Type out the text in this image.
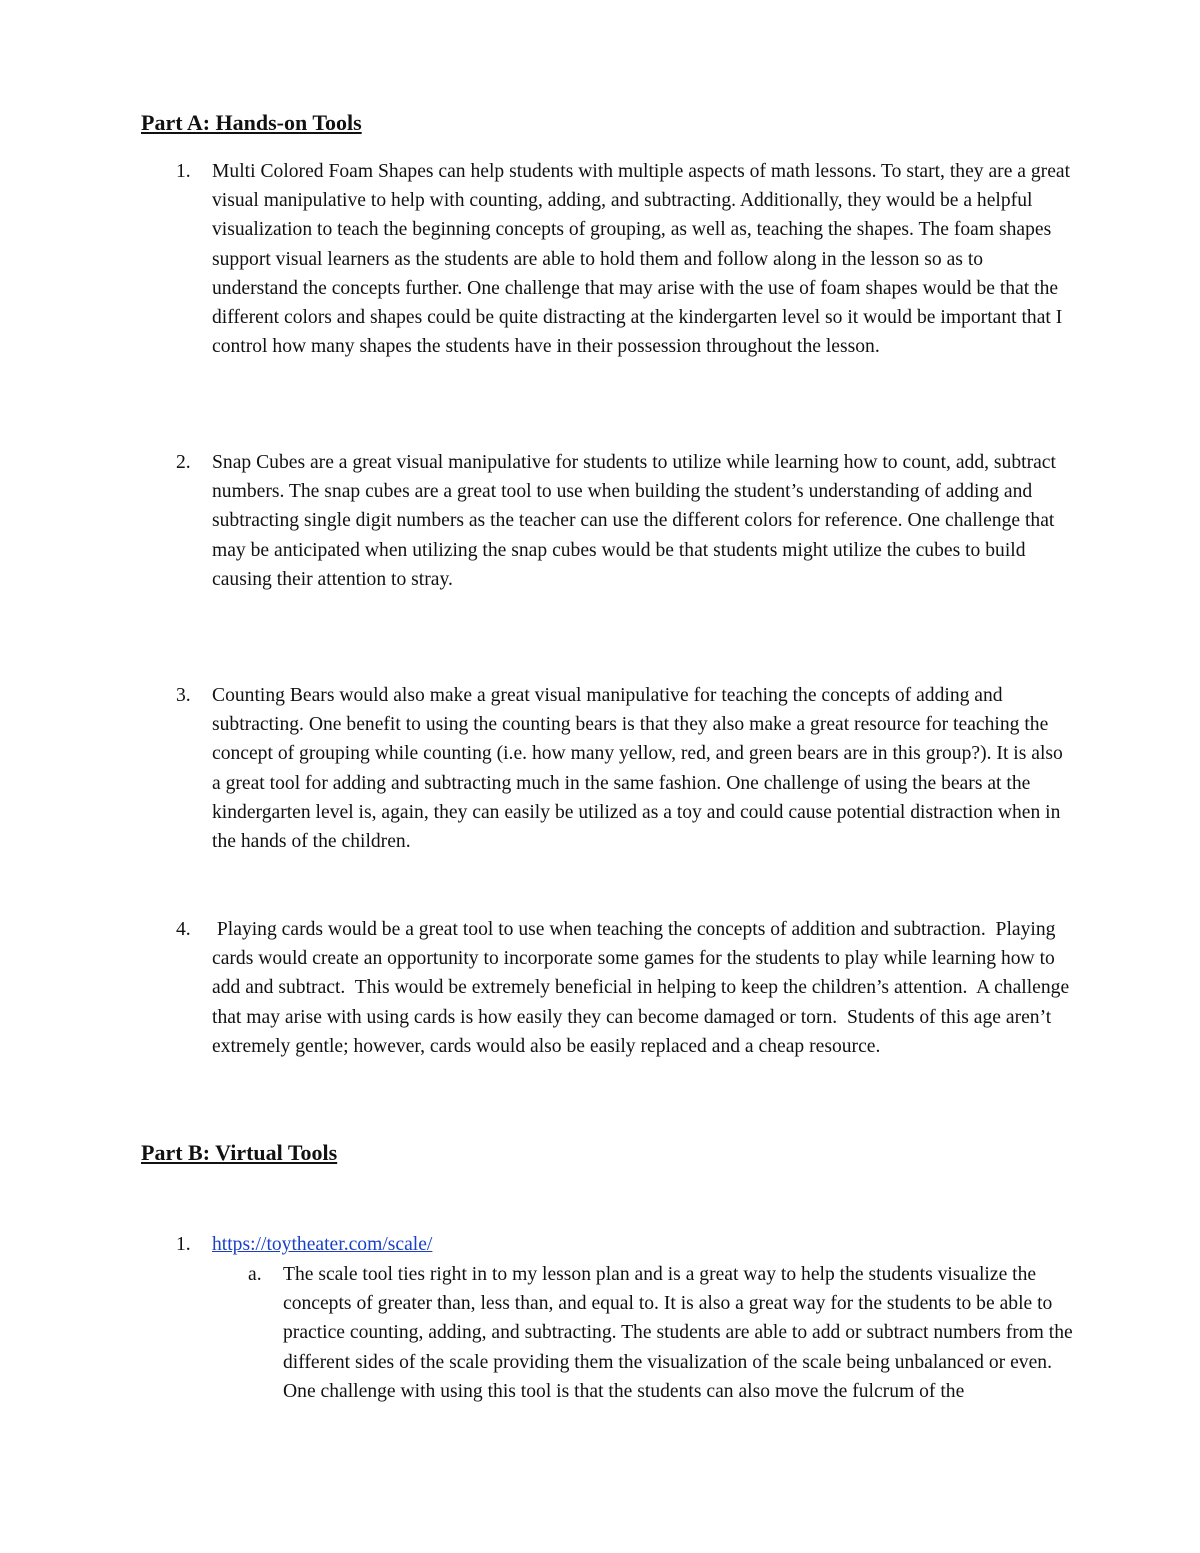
Part A: Hands-on Tools
1.	Multi Colored Foam Shapes can help students with multiple aspects of math lessons. To start, they are a great visual manipulative to help with counting, adding, and subtracting. Additionally, they would be a helpful visualization to teach the beginning concepts of grouping, as well as, teaching the shapes. The foam shapes support visual learners as the students are able to hold them and follow along in the lesson so as to understand the concepts further. One challenge that may arise with the use of foam shapes would be that the different colors and shapes could be quite distracting at the kindergarten level so it would be important that I control how many shapes the students have in their possession throughout the lesson.

2.	Snap Cubes are a great visual manipulative for students to utilize while learning how to count, add, subtract numbers. The snap cubes are a great tool to use when building the student’s understanding of adding and subtracting single digit numbers as the teacher can use the different colors for reference. One challenge that may be anticipated when utilizing the snap cubes would be that students might utilize the cubes to build causing their attention to stray.

3.	Counting Bears would also make a great visual manipulative for teaching the concepts of adding and subtracting. One benefit to using the counting bears is that they also make a great resource for teaching the concept of grouping while counting (i.e. how many yellow, red, and green bears are in this group?). It is also a great tool for adding and subtracting much in the same fashion. One challenge of using the bears at the kindergarten level is, again, they can easily be utilized as a toy and could cause potential distraction when in the hands of the children.

4.	Playing cards would be a great tool to use when teaching the concepts of addition and subtraction.  Playing cards would create an opportunity to incorporate some games for the students to play while learning how to add and subtract.  This would be extremely beneficial in helping to keep the children’s attention.  A challenge that may arise with using cards is how easily they can become damaged or torn.  Students of this age aren’t extremely gentle; however, cards would also be easily replaced and a cheap resource.

Part B: Virtual Tools
1.	https://toytheater.com/scale/
a. The scale tool ties right in to my lesson plan and is a great way to help the students visualize the concepts of greater than, less than, and equal to. It is also a great way for the students to be able to practice counting, adding, and subtracting. The students are able to add or subtract numbers from the different sides of the scale providing them the visualization of the scale being unbalanced or even. One challenge with using this tool is that the students can also move the fulcrum of the
